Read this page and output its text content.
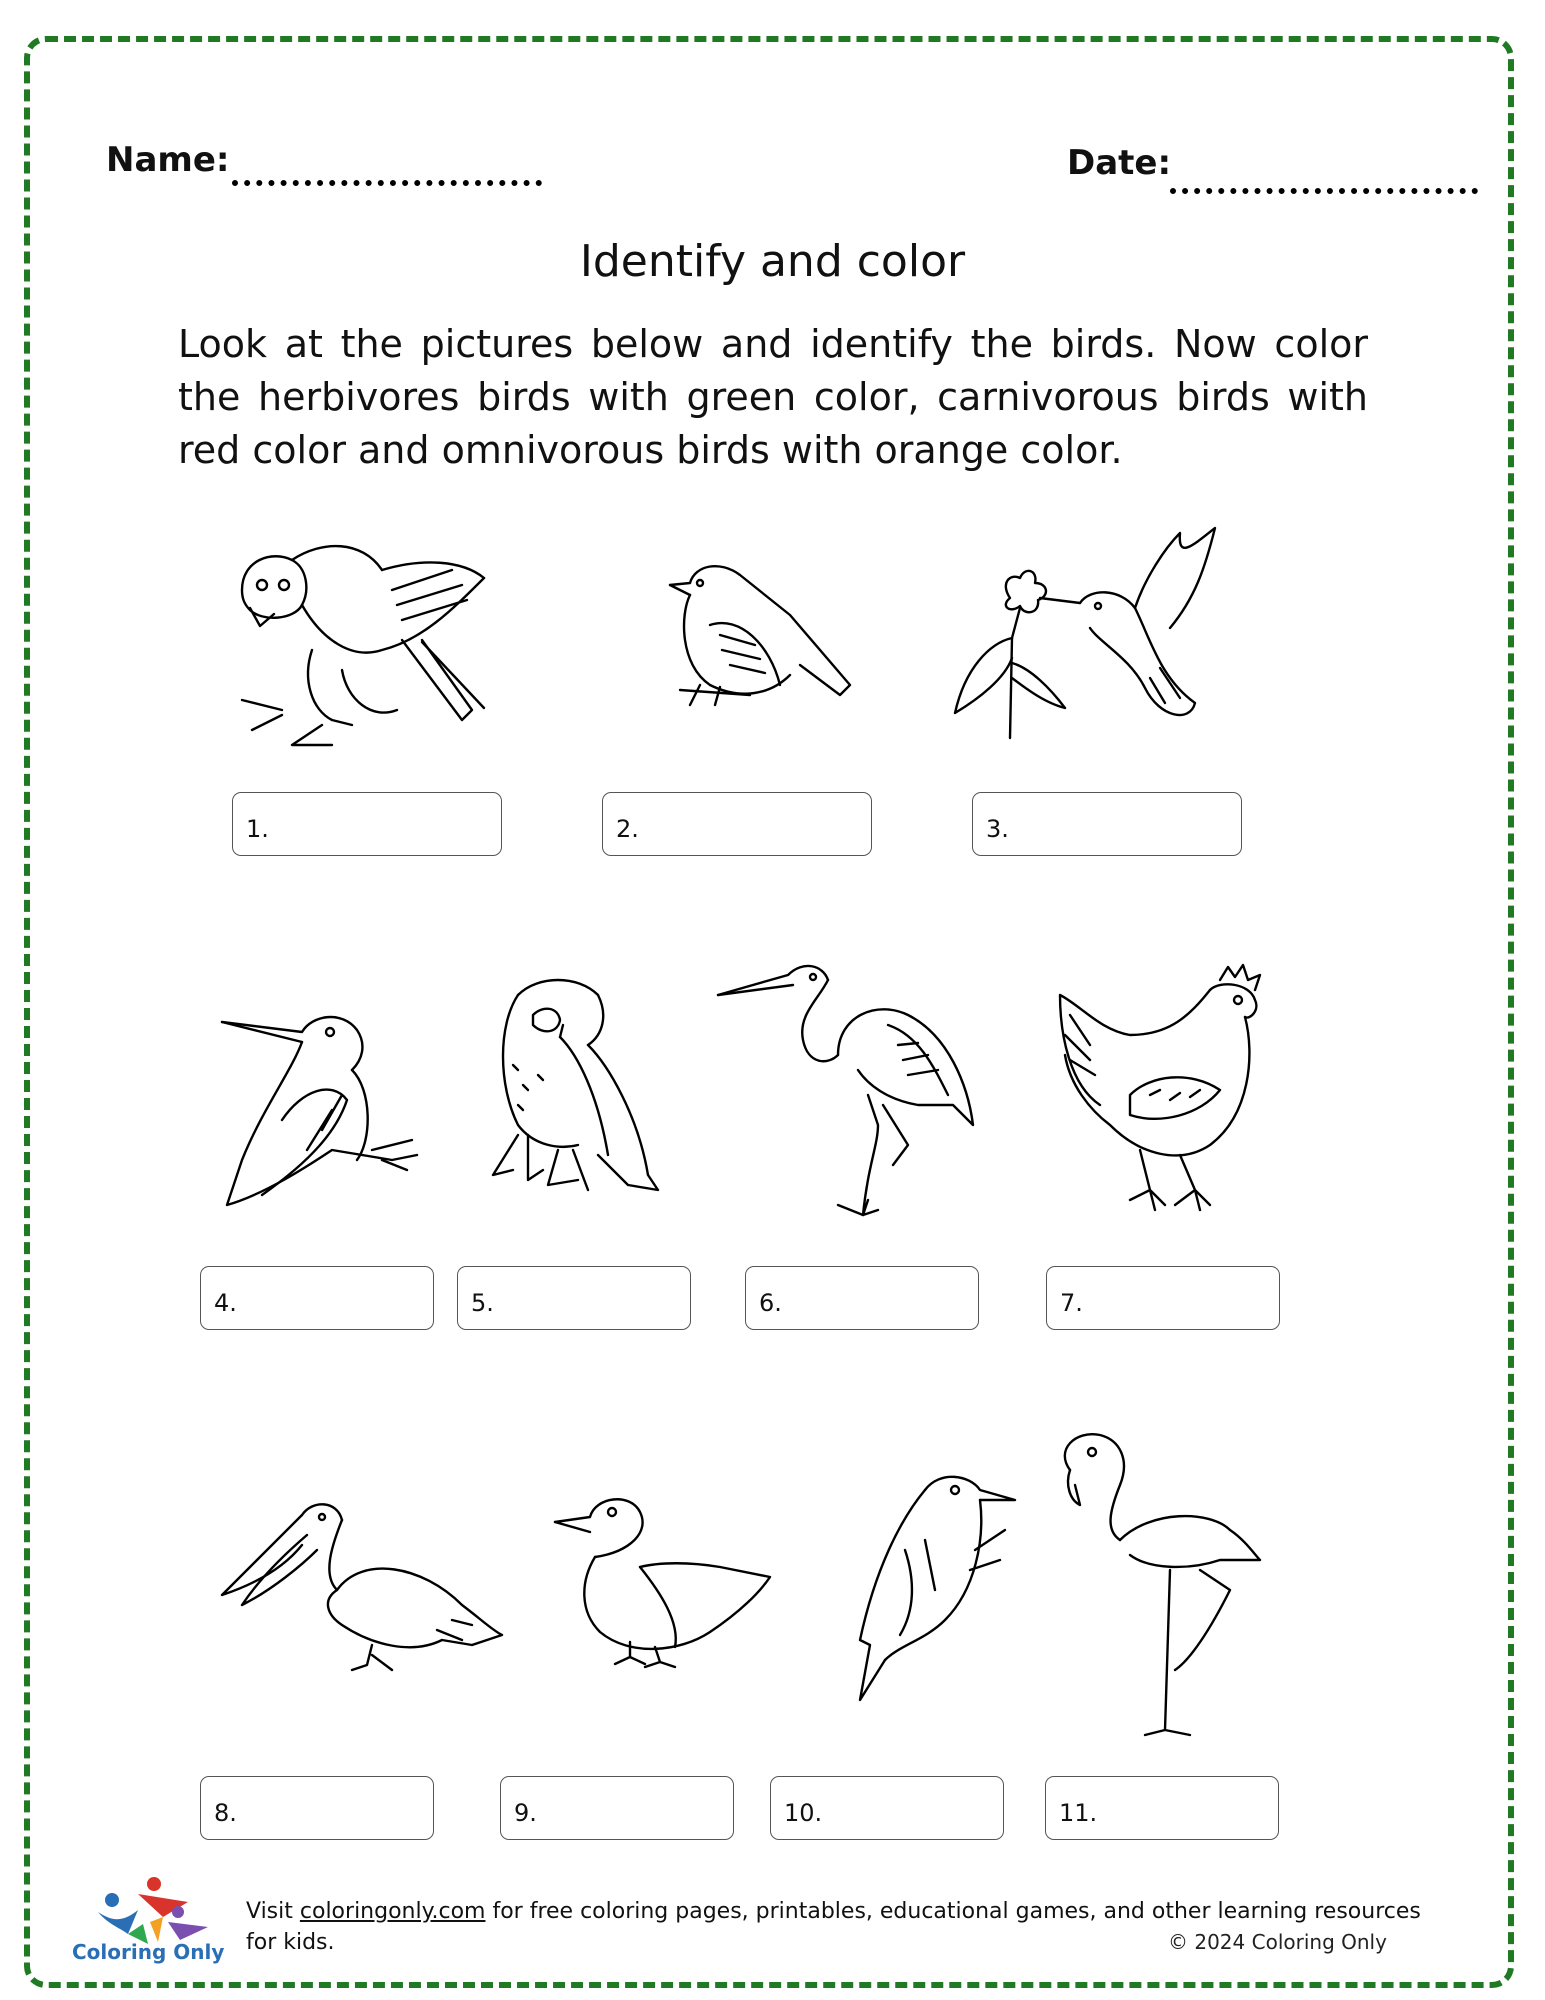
Name:	Date:
Identify and color
Look at the pictures below and identify the birds. Now color the herbivores birds with green color, carnivorous birds with red color and omnivorous birds with orange color.
1.	2.	3.
4.	5.	6.	7.
8.	9.	10.	11.
Coloring Only
Visit coloringonly.com for free coloring pages, printables, educational games, and other learning resources for kids.	© 2024 Coloring Only
